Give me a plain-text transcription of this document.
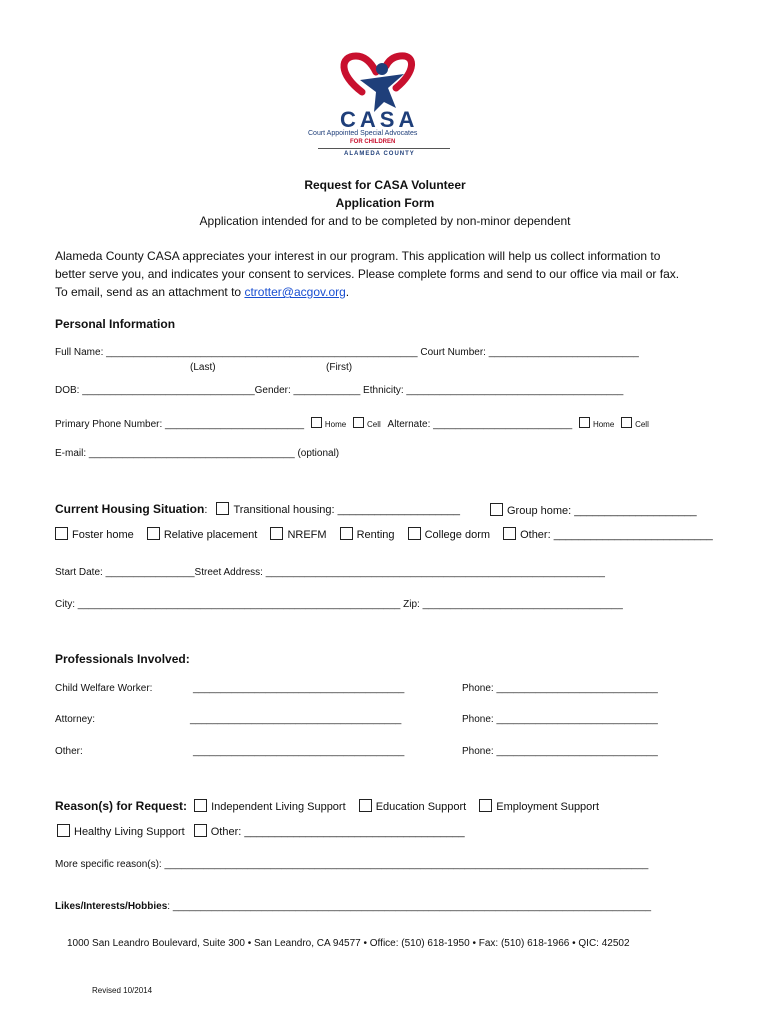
CASA
Court Appointed Special Advocates
FOR CHILDREN
ALAMEDA COUNTY
Request for CASA Volunteer
Application Form
Application intended for and to be completed by non-minor dependent
Alameda County CASA appreciates your interest in our program. This application will help us collect information to
better serve you, and indicates your consent to services. Please complete forms and send to our office via mail or fax.
To email, send as an attachment to ctrotter@acgov.org.
Personal Information
Full Name: ________________________________________________________ Court Number: ___________________________
(Last)	(First)
DOB: _______________________________Gender: ____________ Ethnicity: _______________________________________
Primary Phone Number: _________________________	Home	Cell Alternate: _________________________	Home	Cell
E-mail: _____________________________________ (optional)
Current Housing Situation: Transitional housing: ____________________	Group home: ____________________
Foster home	Relative placement	NREFM	Renting	College dorm	Other: __________________________
Start Date: ________________Street Address: _____________________________________________________________
City: __________________________________________________________ Zip: ____________________________________
Professionals Involved:
Child Welfare Worker:	______________________________________	Phone: _____________________________
Attorney:	______________________________________	Phone: _____________________________
Other:	______________________________________	Phone: _____________________________
Reason(s) for Request: Independent Living Support	Education Support	Employment Support
Healthy Living Support Other: ____________________________________
More specific reason(s): _______________________________________________________________________________________
Likes/Interests/Hobbies: ______________________________________________________________________________________
1000 San Leandro Boulevard, Suite 300 • San Leandro, CA 94577 • Office: (510) 618-1950 • Fax: (510) 618-1966 • QIC: 42502
Revised 10/2014
